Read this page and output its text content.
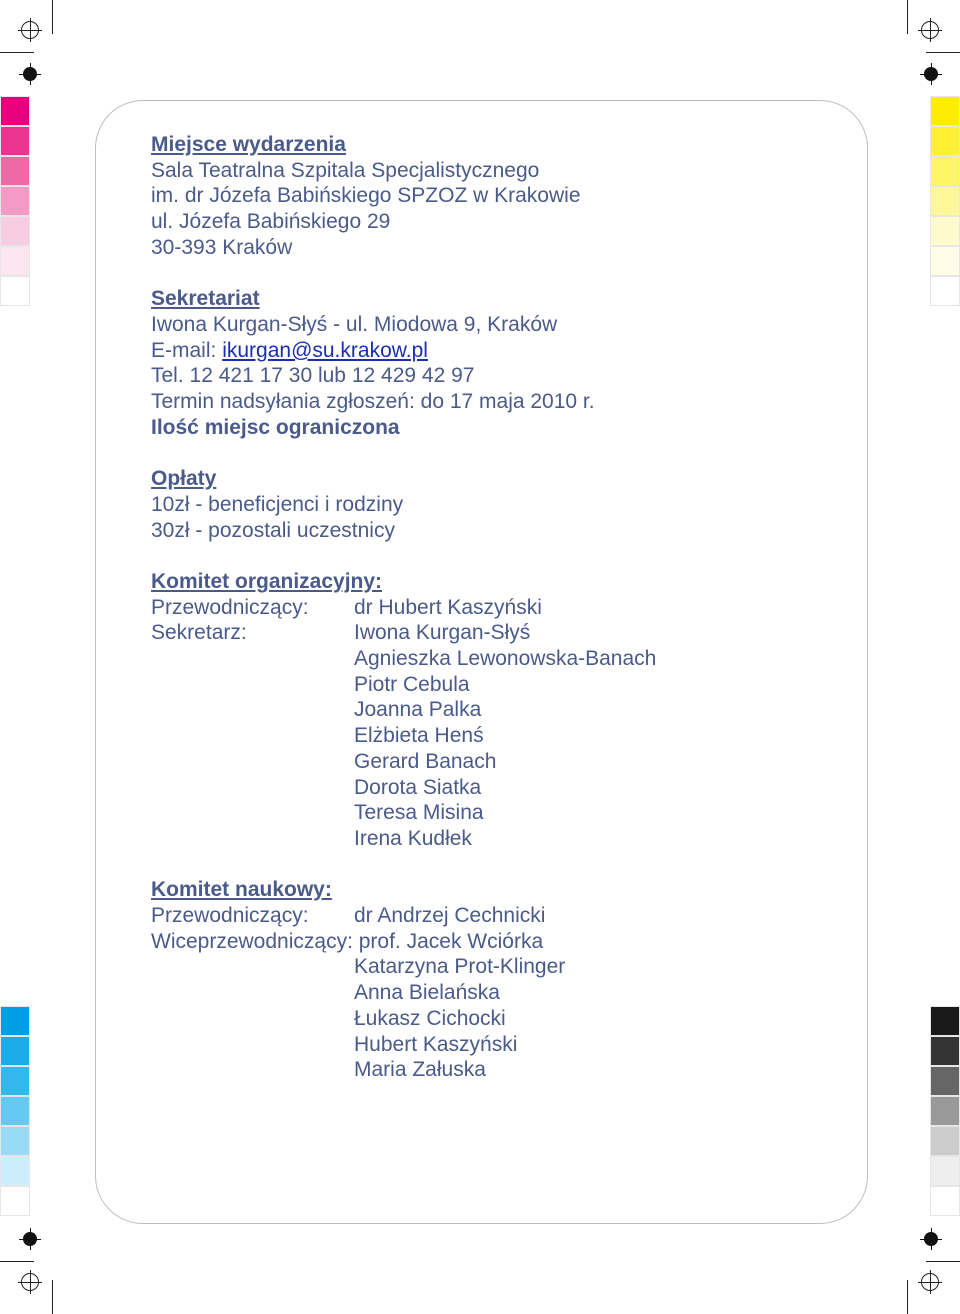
Miejsce wydarzenia
Sala Teatralna Szpitala Specjalistycznego
im. dr Józefa Babińskiego SPZOZ w Krakowie
ul. Józefa Babińskiego 29
30-393 Kraków
Sekretariat
Iwona Kurgan-Słyś - ul. Miodowa 9, Kraków
E-mail: ikurgan@su.krakow.pl
Tel. 12 421 17 30 lub 12 429 42 97
Termin nadsyłania zgłoszeń: do 17 maja 2010 r.
Ilość miejsc ograniczona
Opłaty
10zł - beneficjenci i rodziny
30zł - pozostali uczestnicy
Komitet organizacyjny:
Przewodniczący:	dr Hubert Kaszyński
Sekretarz:	Iwona Kurgan-Słyś
Agnieszka Lewonowska-Banach
Piotr Cebula
Joanna Palka
Elżbieta Henś
Gerard Banach
Dorota Siatka
Teresa Misina
Irena Kudłek
Komitet naukowy:
Przewodniczący:	dr Andrzej Cechnicki
Wiceprzewodniczący: prof. Jacek Wciórka
Katarzyna Prot-Klinger
Anna Bielańska
Łukasz Cichocki
Hubert Kaszyński
Maria Załuska
